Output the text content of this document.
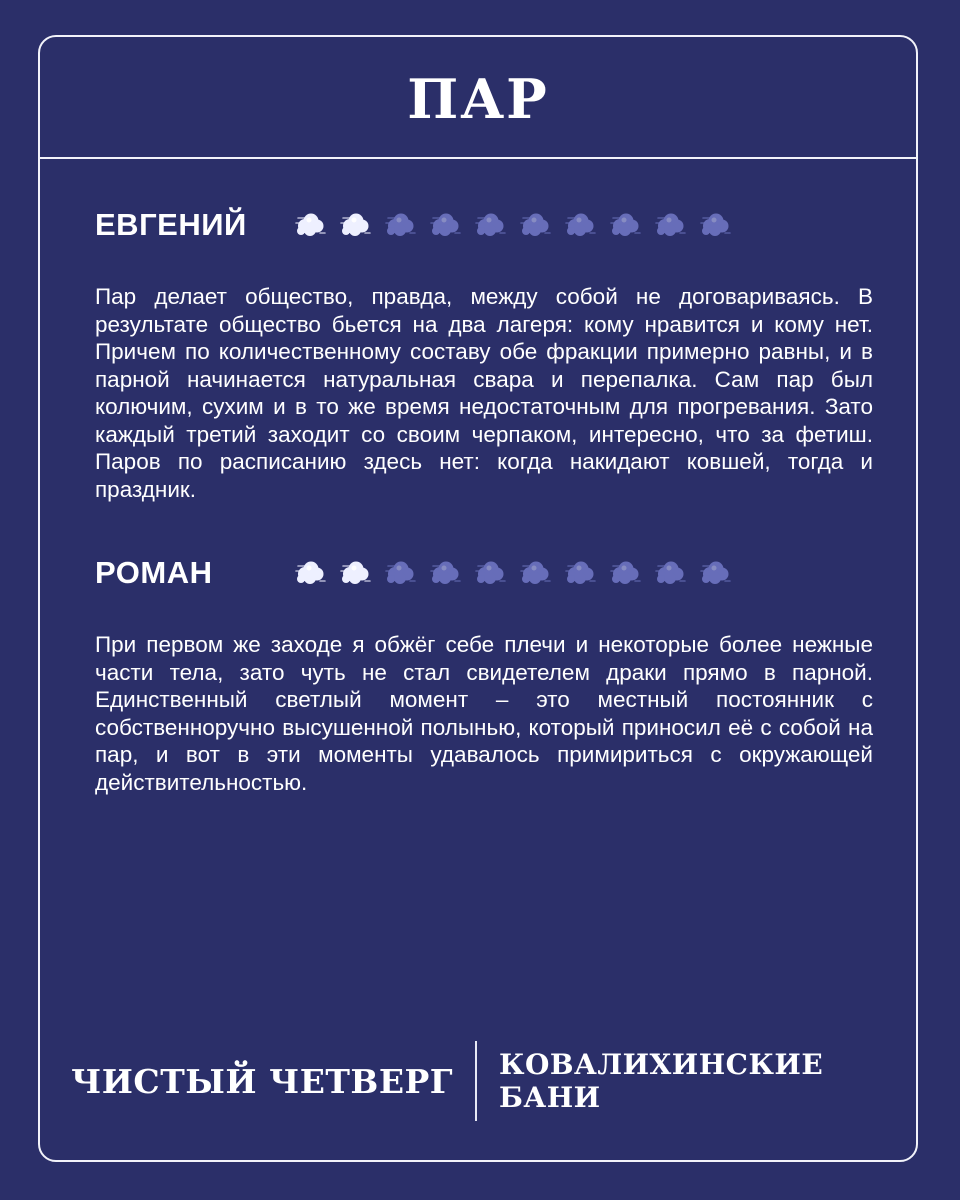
ПАР
ЕВГЕНИЙ

Пар делает общество, правда, между собой не договариваясь. В результате общество бьется на два лагеря: кому нравится и кому нет. Причем по количественному составу обе фракции примерно равны, и в парной начинается натуральная свара и перепалка. Сам пар был колючим, сухим и в то же время недостаточным для прогревания. Зато каждый третий заходит со своим черпаком, интересно, что за фетиш. Паров по расписанию здесь нет: когда накидают ковшей, тогда и праздник.

РОМАН

При первом же заходе я обжёг себе плечи и некоторые более нежные части тела, зато чуть не стал свидетелем драки прямо в парной. Единственный светлый момент – это местный постоянник с собственноручно высушенной полынью, который приносил её с собой на пар, и вот в эти моменты удавалось примириться с окружающей действительностью.

ЧИСТЫЙ ЧЕТВЕРГ КОВАЛИХИНСКИЕ БАНИ
